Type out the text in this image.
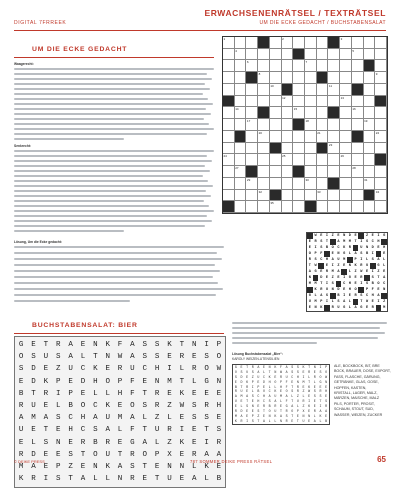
DIGITAL 7FRREEK
ERWACHSENENRÄTSEL / TEXTRÄTSEL
UM DIE ECKE GEDACHT / BUCHSTABENSALAT
UM DIE ECKE GEDACHT
Waagerecht:
Senkrecht:
1	2	3
4	5
6	7
8	9
10	11
12	13
14	15	16
17	18	19
20	21	22
23
24	25	26
27	28
29	30	31
32	33	34
35
Lösung, Um die Ecke gedacht:
W E I Z E N D E	Z E I G
E R S T	A M M T I S C H
E I S B O C K R	U N D E H
O P F	E N G L A S B I	E
R S C H A U M	P I L S A L
T W	E I Z E N K R U	G L
A G E R M A	L Z W E I Z E
N	D E Z E I G E R	S T A
M M T I S	C H E I S B O C
K R U N D E H O	P F E N
G L A S	B I E R S C H A
U M P I L S A L	T W E I Z
E N K	R U G L A G E R	M
BUCHSTABENSALAT: BIER
G	E	T	R	A	E	N	K	F	A	S	S	K	T	N	I	P
O	S	U	S	A	L	T	N	W	A	S	S	E	R	E	S	O
S	D	E	Z	U	C	K	E	R	U	C	H	I	L	R	O	W
E	D	K	P	E	D	H	O	P	F	E	N	M	T	L	G	N
B	T	R	I	P	E	L	L	H	F	T	R	E	K	E	E	E
R	U	E	L	B	O	C	K	E	O	S	R	Z	W	S	R	H
A	M	A	S	C	H	A	U	M	A	L	Z	L	E	S	S	E
U	E	T	E	H	C	S	A	L	F	T	U	R	I	E	T	S
E	L	S	N	E	R	B	R	E	G	A	L	Z	K	E	I	R
R	D	E	E	S	T	O	U	T	R	O	P	X	E	R	A	A
M	A	E	P	Z	E	N	K	A	S	T	E	N	N	L	K	E
K	R	I	S	T	A	L	L	N	R	E	T	U	E	A	L	B
Lösung Buchstabensalat „Bier“:
KAROLY WEIZEN-UTENSILIEN
G	E	T	R	A	E	N	K	F	A	S	S	K	T	N	I	P
O	S	U	S	A	L	T	N	W	A	S	S	E	R	E	S	O
S	D	E	Z	U	C	K	E	R	U	C	H	I	L	R	O	W
E	D	K	P	E	D	H	O	P	F	E	N	M	T	L	G	N
B	T	R	I	P	E	L	L	H	F	T	R	E	K	E	E	E
R	U	E	L	B	O	C	K	E	O	S	R	Z	W	S	R	H
A	M	A	S	C	H	A	U	M	A	L	Z	L	E	S	S	E
U	E	T	E	H	C	S	A	L	F	T	U	R	I	E	T	S
E	L	S	N	E	R	B	R	E	G	A	L	Z	K	E	I	R
R	D	E	E	S	T	O	U	T	R	O	P	X	E	R	A	A
M	A	E	P	Z	E	N	K	A	S	T	E	N	N	L	K	E
K	R	I	S	T	A	L	L	N	R	E	T	U	E	A	L	B
ALE, BOCKBOCK, BIT, BRE
BOCK, BRAUER, DOSE, EXPORT,
FASS, FLASCHE, GÄRUNG,
GETRÄNKE, GLAS, GOSE,
HOPFEN, KASTEN,
KRISTALL, LAGER, MALZ,
MÄRZEN, MAISCHE, MALZ
PILS, PORTER, PROSIT,
SCHAUM, STOUT, SUD,
WASSER, WEIZEN, ZUCKER
© DEIKE PRESS	787 SOMMER DEIKE PRESS RÄTSEL	65
